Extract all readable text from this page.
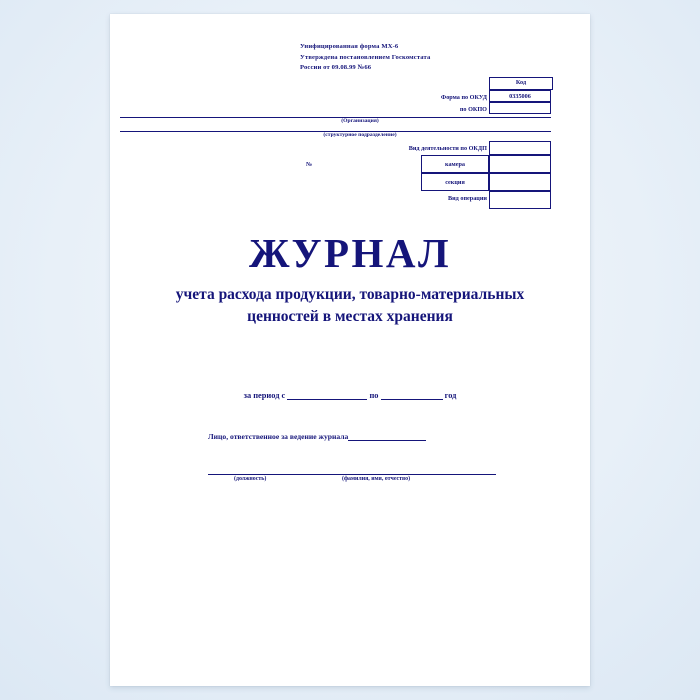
Унифицированная форма МХ-6
Утверждена постановлением Госкомстата
России от 09.08.99 №66
Код
Форма по ОКУД	0335006
по ОКПО
(Организация)
(структурное подразделение)
Вид деятельности по ОКДП
№	камера
секция
Вид операции
ЖУРНАЛ
учета расхода продукции, товарно-материальных ценностей в местах хранения
за период с	по	год
Лицо, ответственное за ведение журнала
(должность)	(фамилия, имя, отчество)
